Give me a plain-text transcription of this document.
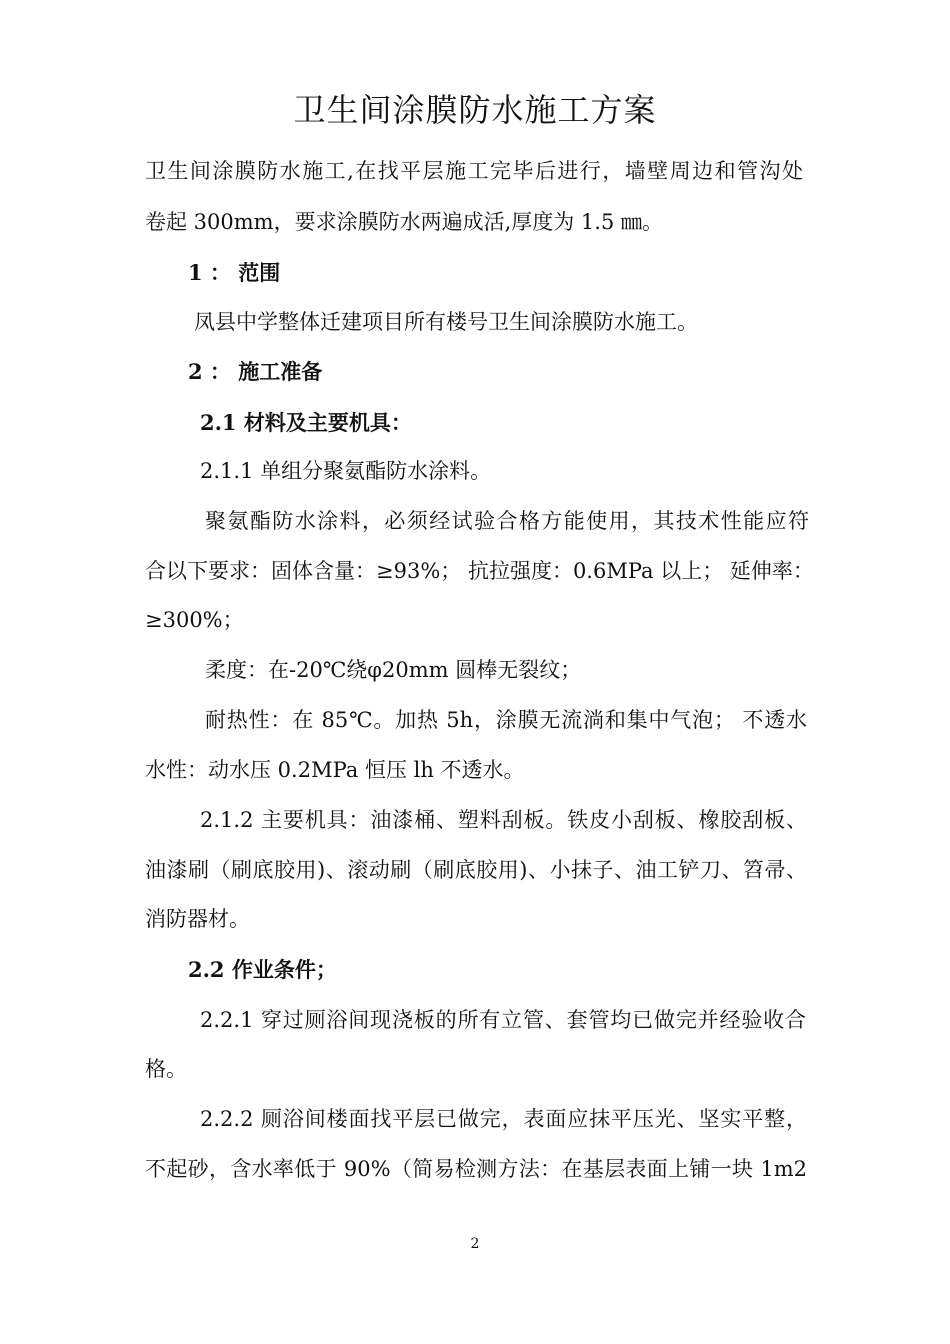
卫生间涂膜防水施工方案
卫生间涂膜防水施工,在找平层施工完毕后进行，墙壁周边和管沟处
卷起 300mm，要求涂膜防水两遍成活,厚度为 1.5 ㎜。
1 ： 范围
凤县中学整体迁建项目所有楼号卫生间涂膜防水施工。
2 ： 施工准备
2.1 材料及主要机具：
2.1.1 单组分聚氨酯防水涂料。
聚氨酯防水涂料，必须经试验合格方能使用，其技术性能应符
合以下要求：固体含量：≥93%； 抗拉强度：0.6MPa 以上； 延伸率：
≥300%；
柔度：在-20℃绕φ20mm 圆棒无裂纹；
耐热性：在 85℃。加热 5h，涂膜无流淌和集中气泡； 不透水
水性：动水压 0.2MPa 恒压 lh 不透水。
2.1.2 主要机具：油漆桶、塑料刮板。铁皮小刮板、橡胶刮板、
油漆刷（刷底胶用)、滚动刷（刷底胶用)、小抹子、油工铲刀、笤帚、
消防器材。
2.2 作业条件；
2.2.1 穿过厕浴间现浇板的所有立管、套管均已做完并经验收合
格。
2.2.2 厕浴间楼面找平层已做完，表面应抹平压光、坚实平整，
不起砂，含水率低于 90%（简易检测方法：在基层表面上铺一块 1m2
2
